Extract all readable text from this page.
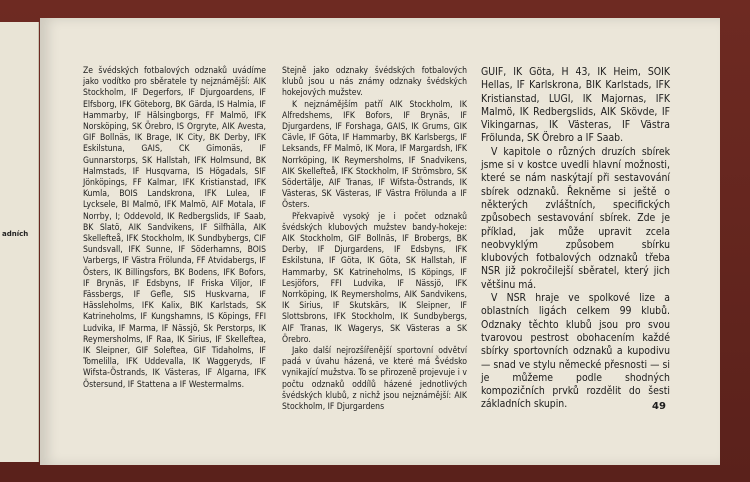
adních

Ze švédských fotbalových odznaků uvádíme jako vodítko pro sběratele ty nejznámější: AIK Stockholm, IF Degerfors, IF Djurgoardens, IF Elfsborg, IFK Göteborg, BK Gärda, IS Halmia, IF Hammarby, IF Hälsingborgs, FF Malmö, IFK Norsköping, SK Örebro, IS Orgryte, AIK Avesta, GIF Bollnäs, IK Brage, IK City, BK Derby, IFK Eskilstuna, GAIS, CK Gimonäs, IF Gunnarstorps, SK Hallstah, IFK Holmsund, BK Halmstads, IF Husqvarna, IS Högadals, SIF Jönköpings, FF Kalmar, IFK Kristianstad, IFK Kumla, BOIS Landskrona, IFK Lulea, IF Lycksele, BI Malmö, IFK Malmö, AIF Motala, IF Norrby, I; Oddevold, IK Redbergslids, IF Saab, BK Slatö, AIK Sandvikens, IF Silfhälla, AIK Skellefteå, IFK Stockholm, IK Sundbybergs, CIF Sundsvall, IFK Sunne, IF Söderhamns, BOIS Varbergs, IF Västra Frölunda, FF Atvidabergs, IF Östers, IK Billingsfors, BK Bodens, IFK Bofors, IF Brynäs, IF Edsbyns, IF Friska Viljor, IF Fässbergs, IF Gefle, SIS Huskvarna, IF Hässleholms, IFK Kalix, BIK Karlstads, SK Katrineholms, IF Kungshamns, IS Köpings, FFI Ludvika, IF Marma, IF Nässjö, Sk Perstorps, IK Reymersholms, IF Raa, IK Sirius, IF Skelleftea, IK Sleipner, GIF Soleftea, GIF Tidaholms, IF Tomelilla, IFK Uddevalla, IK Waggeryds, IF Wifsta-Östrands, IK Västeras, IF Algarna, IFK Östersund, IF Stattena a IF Westermalms.

Stejně jako odznaky švédských fotbalových klubů jsou u nás známy odznaky švédských hokejových mužstev.

K nejznámějším patří AIK Stockholm, IK Alfredshems, IFK Bofors, IF Brynäs, IF Djurgardens, IF Forshaga, GAIS, IK Grums, GIK Cävle, IF Göta, IF Hammarby, BK Karlsbergs, IF Leksands, FF Malmö, IK Mora, IF Margardsh, IFK Norrköping, IK Reymersholms, IF Snadvikens, AIK Skellefteå, IFK Stockholm, IF Strömsbro, SK Södertälje, AIF Tranas, IF Wifsta-Östrands, IK Västeras, SK Västeras, IF Västra Frölunda a IF Östers.

Překvapivě vysoký je i počet odznaků švédských klubových mužstev bandy-hokeje: AIK Stockholm, GIF Bollnäs, IF Brobergs, BK Derby, IF Djurgardens, IF Edsbyns, IFK Eskilstuna, IF Göta, IK Göta, SK Hallstah, IF Hammarby, SK Katrineholms, IS Köpings, IF Lesjöfors, FFI Ludvika, IF Nässjö, IFK Norrköping, IK Reymersholms, AIK Sandvikens, IK Sirius, IF Skutskärs, IK Sleipner, IF Slottsbrons, IFK Stockholm, IK Sundbybergs, AIF Tranas, IK Wagerys, SK Västeras a SK Örebro.

Jako další nejrozšířenější sportovní odvětví padá v úvahu házená, ve které má Švédsko vynikající mužstva. To se přirozeně projevuje i v počtu odznaků oddílů házené jednotlivých švédských klubů, z nichž jsou nejznámější: AIK Stockholm, IF Djurgardens

GUIF, IK Göta, H 43, IK Heim, SOIK Hellas, IF Karlskrona, BIK Karlstads, IFK Kristianstad, LUGI, IK Majornas, IFK Malmö, IK Redbergslids, AIK Skövde, IF Vikingarnas, IK Västeras, IF Västra Frölunda, SK Örebro a IF Saab.

V kapitole o různých druzích sbírek jsme si v kostce uvedli hlavní možnosti, které se nám naskýtají při sestavování sbírek odznaků. Řekněme si ještě o některých zvláštních, specifických způsobech sestavování sbírek. Zde je příklad, jak může upravit zcela neobvyklým způsobem sbírku klubových fotbalových odznaků třeba NSR již pokročilejší sběratel, který jich většinu má.

V NSR hraje ve spolkové lize a oblastních ligách celkem 99 klubů. Odznaky těchto klubů jsou pro svou tvarovou pestrost obohacením každé sbírky sportovních odznaků a kupodivu — snad ve stylu německé přesnosti — si je můžeme podle shodných kompozičních prvků rozdělit do šesti základních skupin.	49
